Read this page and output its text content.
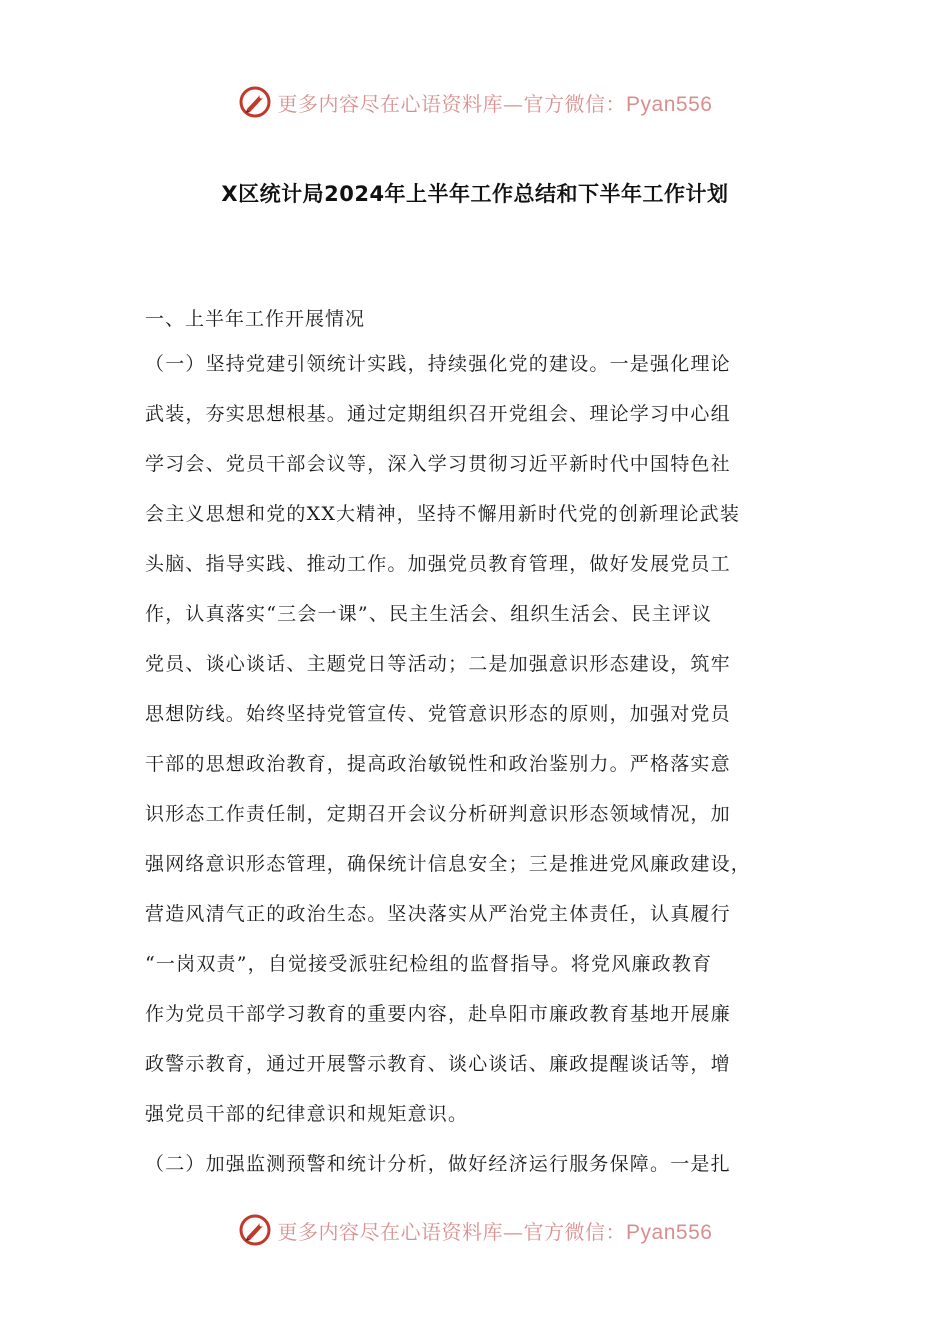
更多内容尽在心语资料库—官方微信：Pyan556
X区统计局2024年上半年工作总结和下半年工作计划

一、上半年工作开展情况

（一）坚持党建引领统计实践，持续强化党的建设。一是强化理论

武装，夯实思想根基。通过定期组织召开党组会、理论学习中心组

学习会、党员干部会议等，深入学习贯彻习近平新时代中国特色社

会主义思想和党的XX大精神，坚持不懈用新时代党的创新理论武装

头脑、指导实践、推动工作。加强党员教育管理，做好发展党员工

作，认真落实“三会一课”、民主生活会、组织生活会、民主评议

党员、谈心谈话、主题党日等活动；二是加强意识形态建设，筑牢

思想防线。始终坚持党管宣传、党管意识形态的原则，加强对党员

干部的思想政治教育，提高政治敏锐性和政治鉴别力。严格落实意

识形态工作责任制，定期召开会议分析研判意识形态领域情况，加

强网络意识形态管理，确保统计信息安全；三是推进党风廉政建设，

营造风清气正的政治生态。坚决落实从严治党主体责任，认真履行

“一岗双责”，自觉接受派驻纪检组的监督指导。将党风廉政教育

作为党员干部学习教育的重要内容，赴阜阳市廉政教育基地开展廉

政警示教育，通过开展警示教育、谈心谈话、廉政提醒谈话等，增

强党员干部的纪律意识和规矩意识。

（二）加强监测预警和统计分析，做好经济运行服务保障。一是扎

更多内容尽在心语资料库—官方微信：Pyan556
